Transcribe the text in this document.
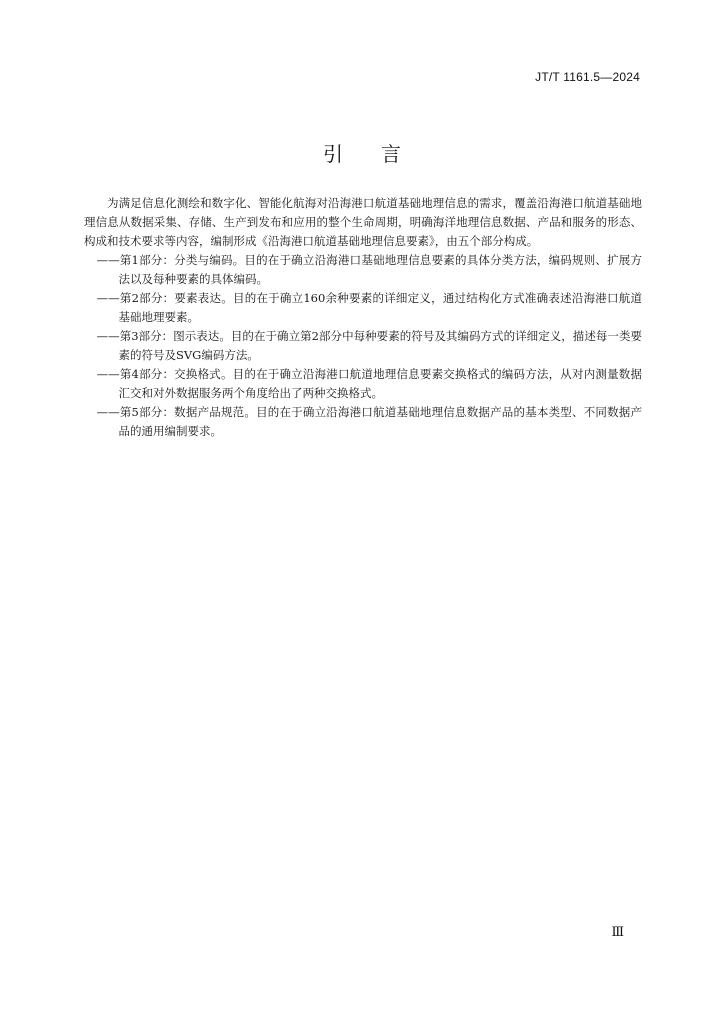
JT/T 1161.5—2024
引言

为满足信息化测绘和数字化、智能化航海对沿海港口航道基础地理信息的需求，覆盖沿海港口航道基础地理信息从数据采集、存储、生产到发布和应用的整个生命周期，明确海洋地理信息数据、产品和服务的形态、构成和技术要求等内容，编制形成《沿海港口航道基础地理信息要素》，由五个部分构成。

——第1部分：分类与编码。目的在于确立沿海港口基础地理信息要素的具体分类方法，编码规则、扩展方法以及每种要素的具体编码。
——第2部分：要素表达。目的在于确立160余种要素的详细定义，通过结构化方式准确表述沿海港口航道基础地理要素。
——第3部分：图示表达。目的在于确立第2部分中每种要素的符号及其编码方式的详细定义，描述每一类要素的符号及SVG编码方法。
——第4部分：交换格式。目的在于确立沿海港口航道地理信息要素交换格式的编码方法，从对内测量数据汇交和对外数据服务两个角度给出了两种交换格式。
——第5部分：数据产品规范。目的在于确立沿海港口航道基础地理信息数据产品的基本类型、不同数据产品的通用编制要求。
Ⅲ
